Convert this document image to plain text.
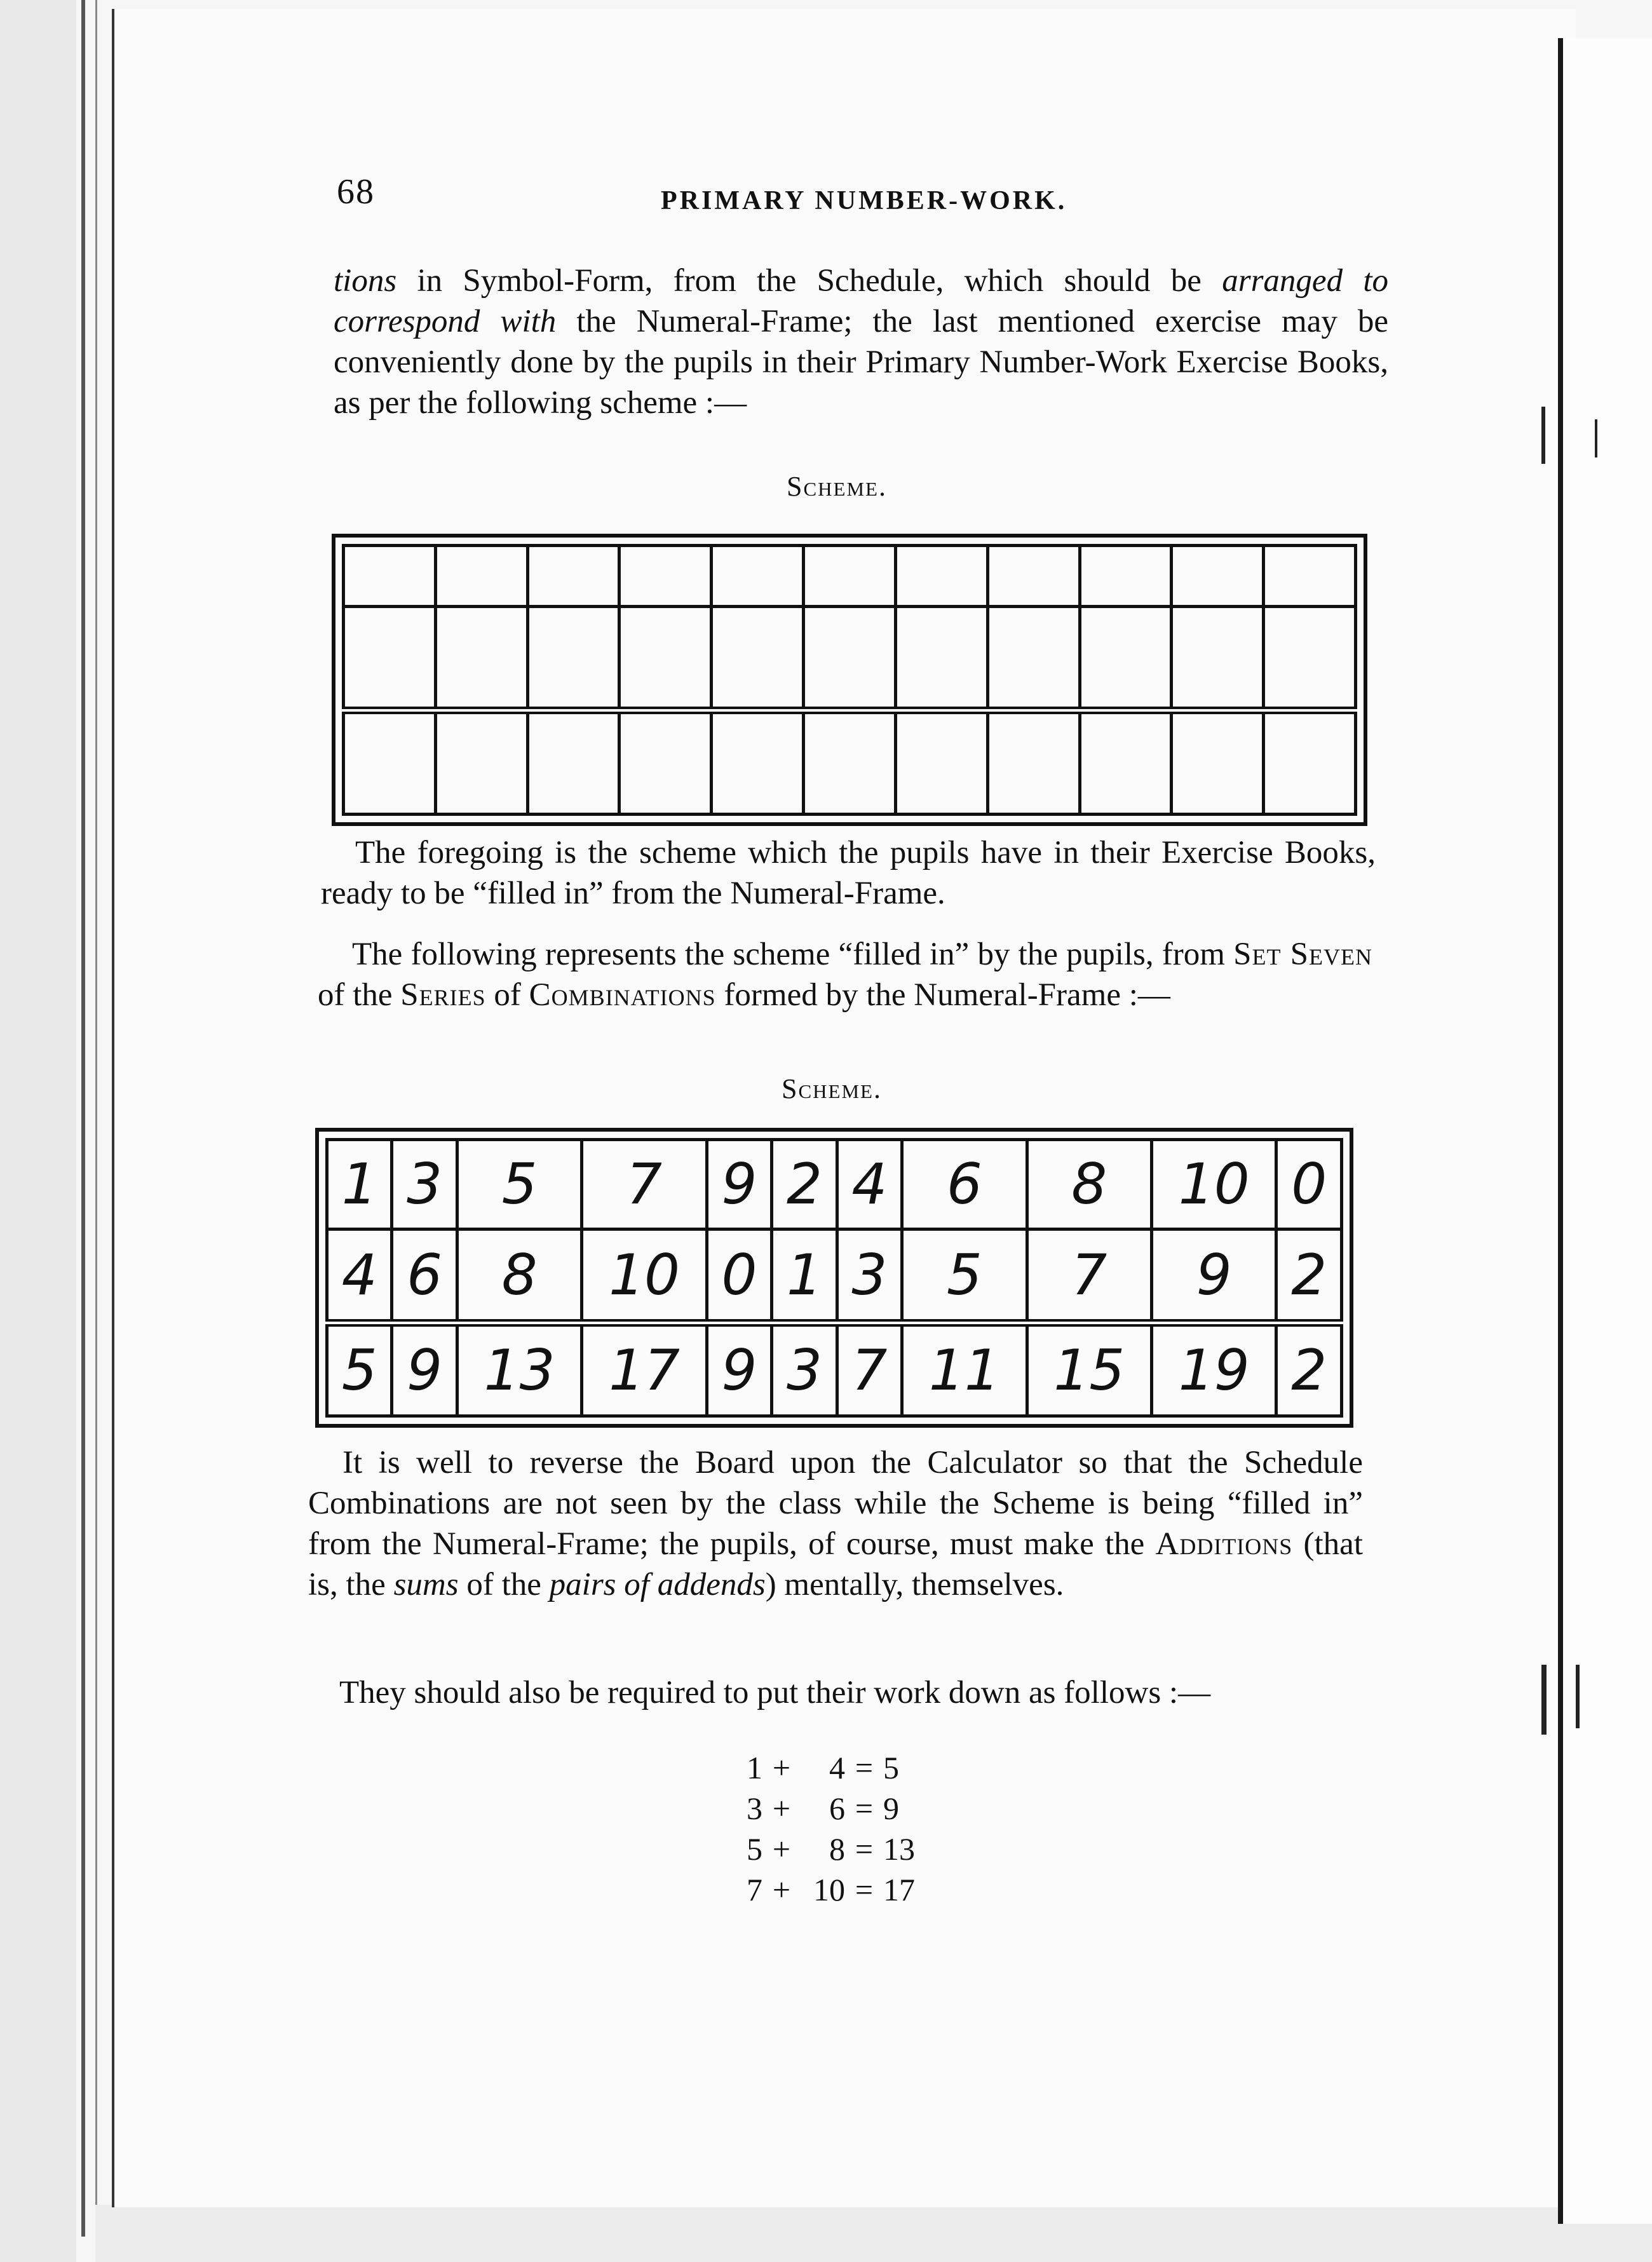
68	PRIMARY NUMBER-WORK.
tions in Symbol-Form, from the Schedule, which should be arranged to correspond with the Numeral-Frame; the last mentioned exercise may be conveniently done by the pupils in their Primary Number-Work Exercise Books, as per the following scheme :—
Scheme.

The foregoing is the scheme which the pupils have in their Exercise Books, ready to be “filled in” from the Numeral-Frame.
The following represents the scheme “filled in” by the pupils, from Set Seven of the Series of Combinations formed by the Numeral-Frame :—
Scheme.
1	3	5	7	9	2	4	6	8	10	0
4	6	8	10	0	1	3	5	7	9	2
5	9	13	17	9	3	7	11	15	19	2
It is well to reverse the Board upon the Calculator so that the Schedule Combinations are not seen by the class while the Scheme is being “filled in” from the Numeral-Frame; the pupils, of course, must make the Additions (that is, the sums of the pairs of addends) mentally, themselves.
They should also be required to put their work down as follows :—
1 +	4 = 5
3 +	6 = 9
5 +	8 = 13
7 + 10 = 17
